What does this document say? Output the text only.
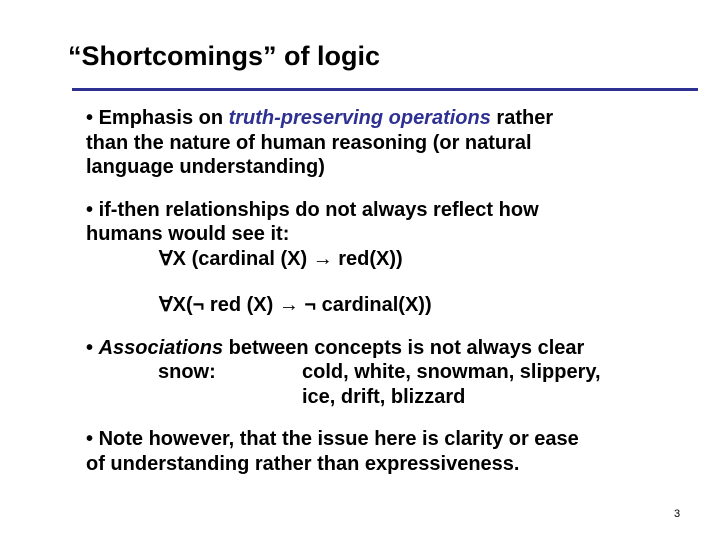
“Shortcomings” of logic
• Emphasis on truth-preserving operations rather
than the nature of human reasoning (or natural
language understanding)
• if-then relationships do not always reflect how
humans would see it:
∀X (cardinal (X) → red(X))
∀X(¬ red (X) → ¬ cardinal(X))
• Associations between concepts is not always clear
snow:	cold, white, snowman, slippery,
ice, drift, blizzard
• Note however, that the issue here is clarity or ease
of understanding rather than expressiveness.
3
